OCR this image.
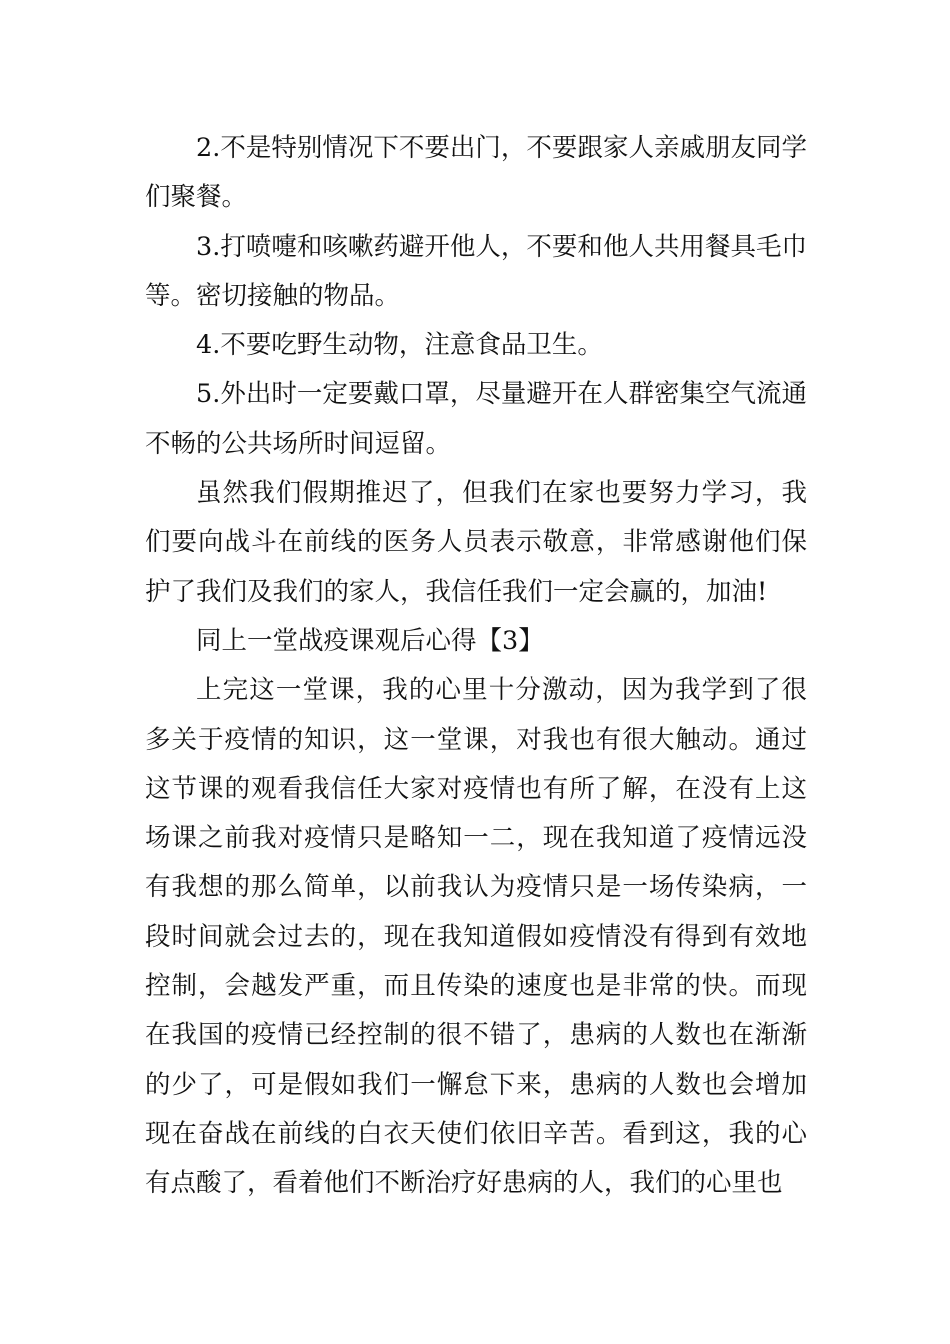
2.不是特别情况下不要出门，不要跟家人亲戚朋友同学们聚餐。

3.打喷嚏和咳嗽药避开他人，不要和他人共用餐具毛巾等。密切接触的物品。

4.不要吃野生动物，注意食品卫生。

5.外出时一定要戴口罩，尽量避开在人群密集空气流通不畅的公共场所时间逗留。

虽然我们假期推迟了，但我们在家也要努力学习，我们要向战斗在前线的医务人员表示敬意，非常感谢他们保护了我们及我们的家人，我信任我们一定会赢的，加油!

同上一堂战疫课观后心得【3】

上完这一堂课，我的心里十分激动，因为我学到了很多关于疫情的知识，这一堂课，对我也有很大触动。通过这节课的观看我信任大家对疫情也有所了解，在没有上这场课之前我对疫情只是略知一二，现在我知道了疫情远没有我想的那么简单，以前我认为疫情只是一场传染病，一段时间就会过去的，现在我知道假如疫情没有得到有效地控制，会越发严重，而且传染的速度也是非常的快。而现在我国的疫情已经控制的很不错了，患病的人数也在渐渐的少了，可是假如我们一懈怠下来，患病的人数也会增加现在奋战在前线的白衣天使们依旧辛苦。看到这，我的心有点酸了，看着他们不断治疗好患病的人，我们的心里也
